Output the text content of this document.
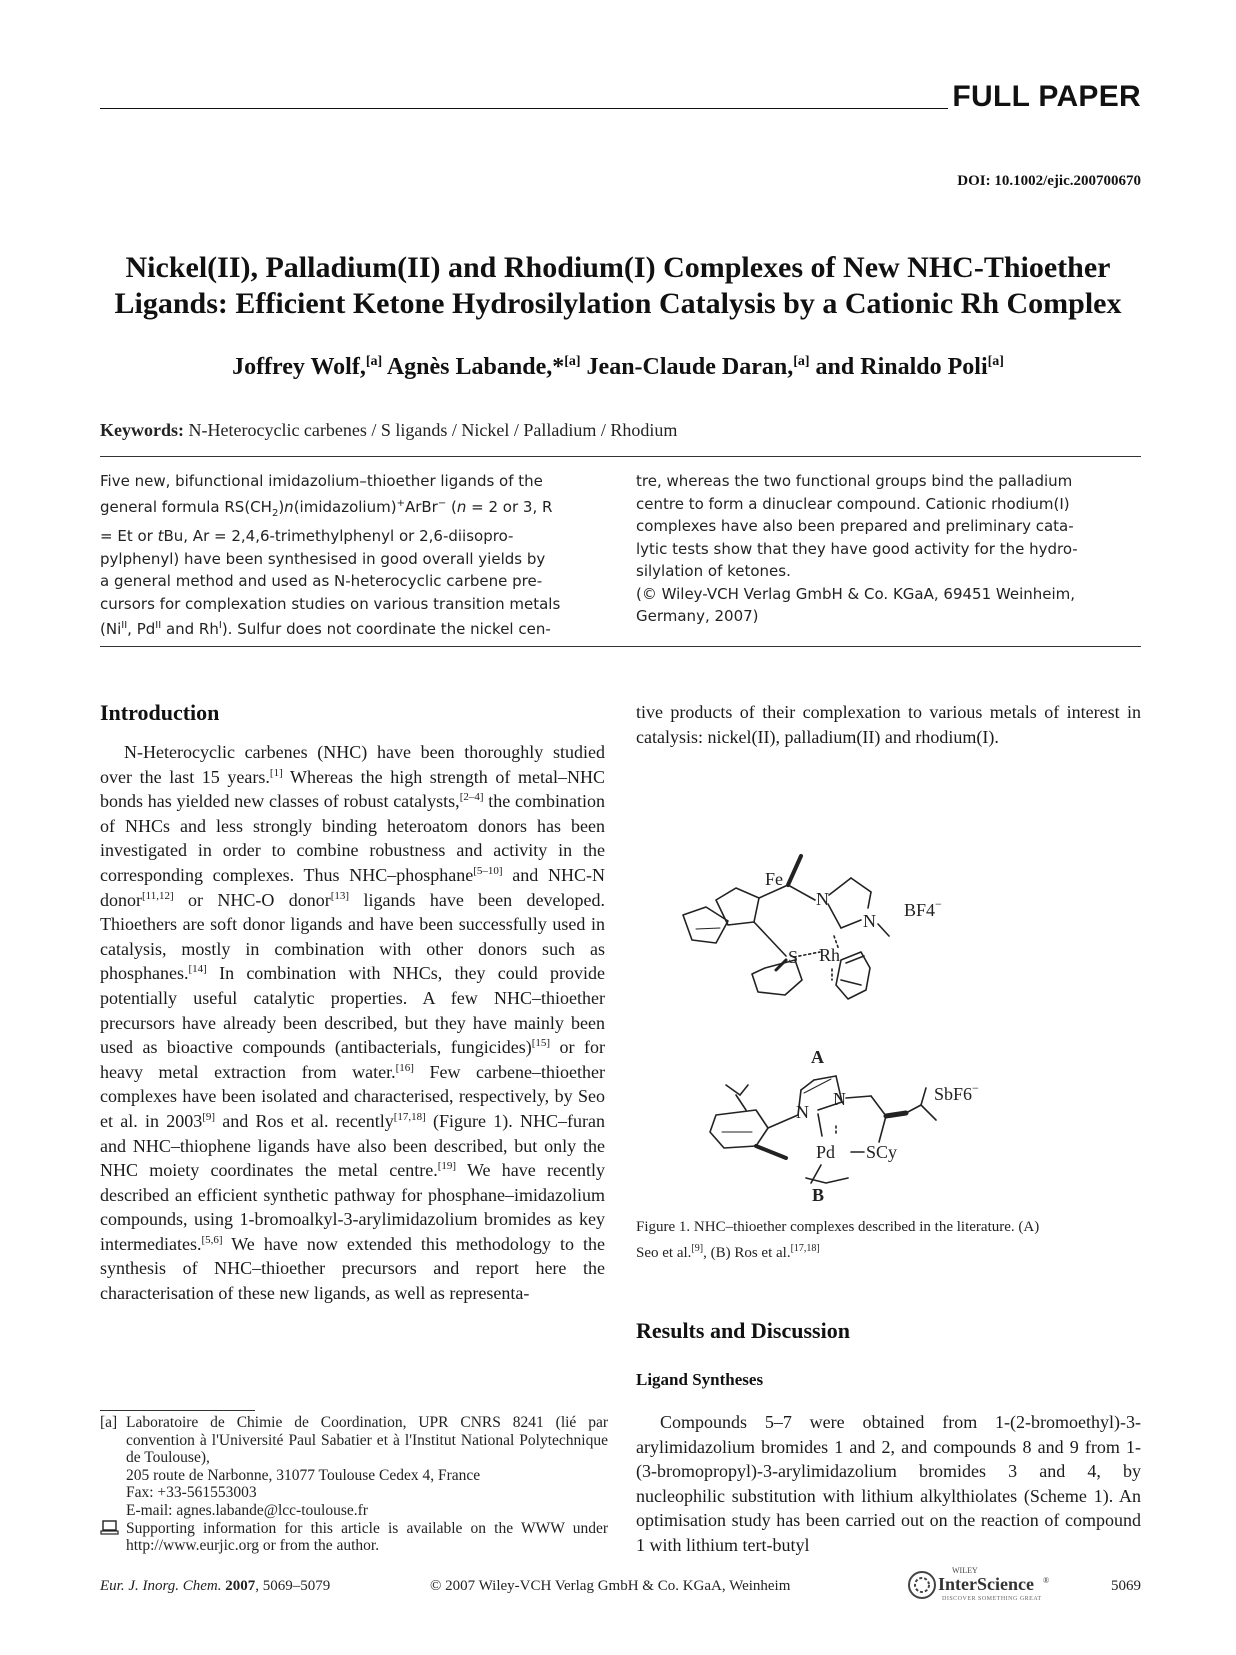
FULL PAPER
DOI: 10.1002/ejic.200700670
Nickel(II), Palladium(II) and Rhodium(I) Complexes of New NHC-Thioether
Ligands: Efficient Ketone Hydrosilylation Catalysis by a Cationic Rh Complex
Joffrey Wolf,[a] Agnès Labande,*[a] Jean-Claude Daran,[a] and Rinaldo Poli[a]
Keywords: N-Heterocyclic carbenes / S ligands / Nickel / Palladium / Rhodium
Five new, bifunctional imidazolium–thioether ligands of the
general formula $RS(CH_2)n(imidazolium)^+ArBr^-$ (n = 2 or 3, R
= Et or tBu, Ar = 2,4,6-trimethylphenyl or 2,6-diisopro-
pylphenyl) have been synthesised in good overall yields by
a general method and used as N-heterocyclic carbene pre-
cursors for complexation studies on various transition metals
($Ni^{II}$, $Pd^{II}$ and $Rh^I$). Sulfur does not coordinate the nickel cen-
tre, whereas the two functional groups bind the palladium
centre to form a dinuclear compound. Cationic rhodium(I)
complexes have also been prepared and preliminary cata-
lytic tests show that they have good activity for the hydro-
silylation of ketones.
(© Wiley-VCH Verlag GmbH & Co. KGaA, 69451 Weinheim,
Germany, 2007)
Introduction

N-Heterocyclic carbenes (NHC) have been thoroughly studied over the last 15 years.[1] Whereas the high strength of metal–NHC bonds has yielded new classes of robust catalysts,[2–4] the combination of NHCs and less strongly binding heteroatom donors has been investigated in order to combine robustness and activity in the corresponding complexes. Thus NHC–phosphane[5–10] and NHC-N donor[11,12] or NHC-O donor[13] ligands have been developed. Thioethers are soft donor ligands and have been successfully used in catalysis, mostly in combination with other donors such as phosphanes.[14] In combination with NHCs, they could provide potentially useful catalytic properties. A few NHC–thioether precursors have already been described, but they have mainly been used as bioactive compounds (antibacterials, fungicides)[15] or for heavy metal extraction from water.[16] Few carbene–thioether complexes have been isolated and characterised, respectively, by Seo et al. in 2003[9] and Ros et al. recently[17,18] (Figure 1). NHC–furan and NHC–thiophene ligands have also been described, but only the NHC moiety coordinates the metal centre.[19] We have recently described an efficient synthetic pathway for phosphane–imidazolium compounds, using 1-bromoalkyl-3-arylimidazolium bromides as key intermediates.[5,6] We have now extended this methodology to the synthesis of NHC–thioether precursors and report here the characterisation of these new ligands, as well as representa-

tive products of their complexation to various metals of interest in catalysis: nickel(II), palladium(II) and rhodium(I).

Fe
S Rh
N
N
BF4−
A
N
N
Pd SCy
SbF6−
B
Figure 1. NHC–thioether complexes described in the literature. (A)
Seo et al.[9], (B) Ros et al.[17,18]
Results and Discussion
Ligand Syntheses

Compounds 5–7 were obtained from 1-(2-bromoethyl)-3-arylimidazolium bromides 1 and 2, and compounds 8 and 9 from 1-(3-bromopropyl)-3-arylimidazolium bromides 3 and 4, by nucleophilic substitution with lithium alkylthiolates (Scheme 1). An optimisation study has been carried out on the reaction of compound 1 with lithium tert-butyl

[a] Laboratoire de Chimie de Coordination, UPR CNRS 8241 (lié par convention à l'Université Paul Sabatier et à l'Institut National Polytechnique de Toulouse),
205 route de Narbonne, 31077 Toulouse Cedex 4, France
Fax: +33-561553003
E-mail: agnes.labande@lcc-toulouse.fr
Supporting information for this article is available on the WWW under http://www.eurjic.org or from the author.
Eur. J. Inorg. Chem. 2007, 5069–5079	© 2007 Wiley-VCH Verlag GmbH & Co. KGaA, Weinheim
WILEY
InterScience ®
DISCOVER SOMETHING GREAT
5069
